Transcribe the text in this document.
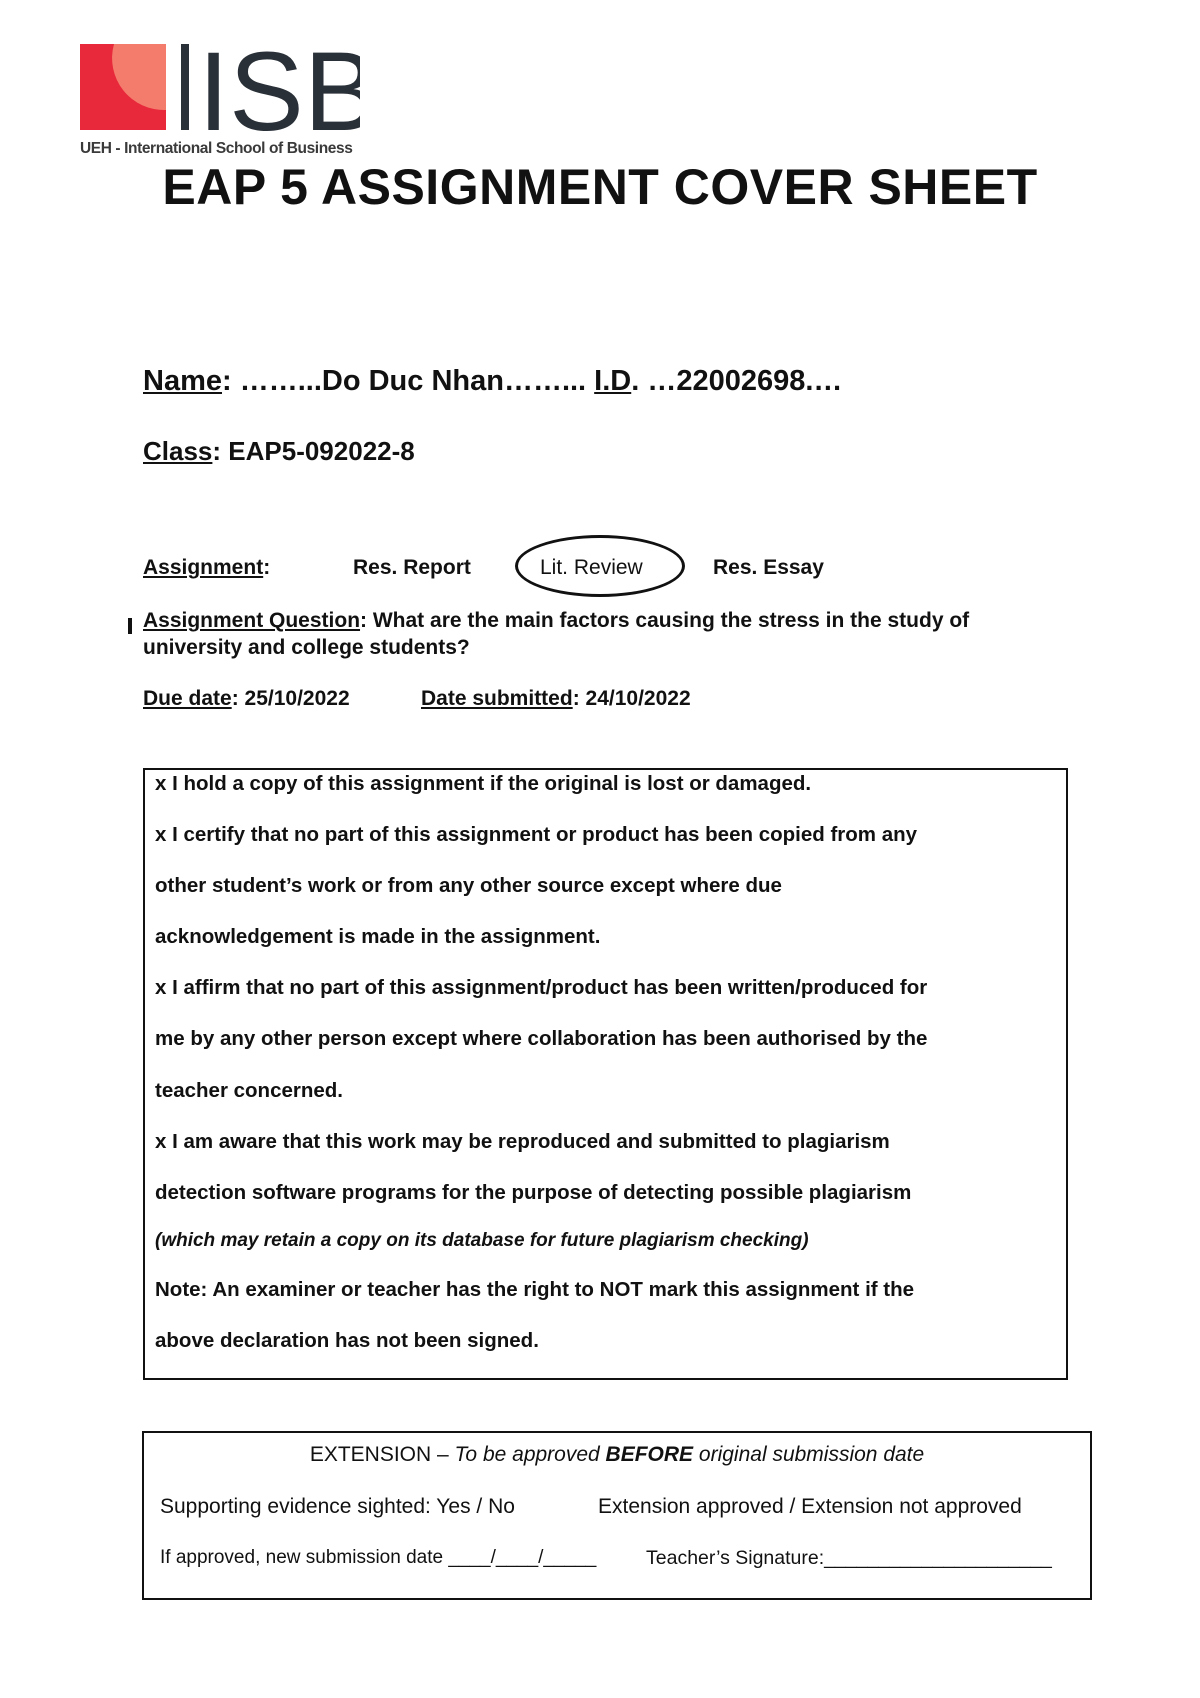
ISB
UEH - International School of Business
EAP 5 ASSIGNMENT COVER SHEET
Name: ……...Do Duc Nhan……... I.D. …22002698.…
Class: EAP5-092022-8
Assignment:	Res. Report	Lit. Review	Res. Essay
Assignment Question: What are the main factors causing the stress in the study of
university and college students?
Due date: 25/10/2022	Date submitted: 24/10/2022
x I hold a copy of this assignment if the original is lost or damaged.
x I certify that no part of this assignment or product has been copied from any
other student’s work or from any other source except where due
acknowledgement is made in the assignment.
x I affirm that no part of this assignment/product has been written/produced for
me by any other person except where collaboration has been authorised by the
teacher concerned.
x I am aware that this work may be reproduced and submitted to plagiarism
detection software programs for the purpose of detecting possible plagiarism
(which may retain a copy on its database for future plagiarism checking)
Note: An examiner or teacher has the right to NOT mark this assignment if the
above declaration has not been signed.
EXTENSION – To be approved BEFORE original submission date
Supporting evidence sighted: Yes / No	Extension approved / Extension not approved
If approved, new submission date ____/____/_____	Teacher’s Signature:_____________________
